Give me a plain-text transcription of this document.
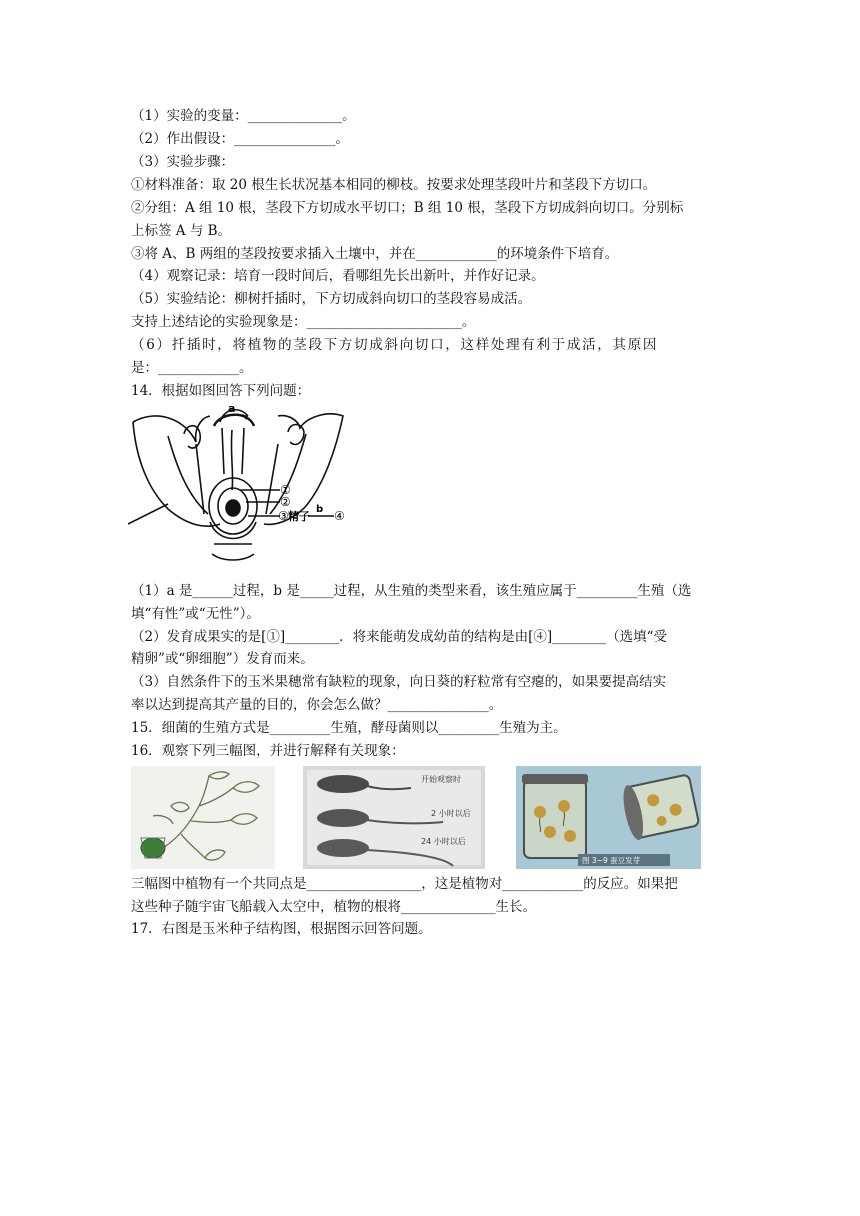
（1）实验的变量：______________。
（2）作出假设：_______________。
（3）实验步骤：
①材料准备：取 20 根生长状况基本相同的柳枝。按要求处理茎段叶片和茎段下方切口。
②分组：A 组 10 根，茎段下方切成水平切口；B 组 10 根，茎段下方切成斜向切口。分别标
上标签 A 与 B。
③将 A、B 两组的茎段按要求插入土壤中，并在____________的环境条件下培育。
（4）观察记录：培育一段时间后，看哪组先长出新叶，并作好记录。
（5）实验结论：柳树扦插时，下方切成斜向切口的茎段容易成活。
支持上述结论的实验现象是：_______________________。
（6）扦插时，将植物的茎段下方切成斜向切口，这样处理有利于成活，其原因
是：____________。
14．根据如图回答下列问题：
a
①
②
③ 精子
b ④
（1）a 是______过程，b 是_____过程，从生殖的类型来看，该生殖应属于_________生殖（选
填“有性”或“无性”）。
（2）发育成果实的是[①]________．将来能萌发成幼苗的结构是由[④]________（选填“受
精卵”或“卵细胞”）发育而来。
（3）自然条件下的玉米果穗常有缺粒的现象，向日葵的籽粒常有空瘪的，如果要提高结实
率以达到提高其产量的目的，你会怎么做？_______________。
15．细菌的生殖方式是_________生殖，酵母菌则以_________生殖为主。
16．观察下列三幅图，并进行解释有关现象：
开始观察时
2 小时以后
24 小时以后
图 3−9 蚕豆发芽
三幅图中植物有一个共同点是_________________，这是植物对____________的反应。如果把
这些种子随宇宙飞船载入太空中，植物的根将______________生长。
17．右图是玉米种子结构图，根据图示回答问题。
